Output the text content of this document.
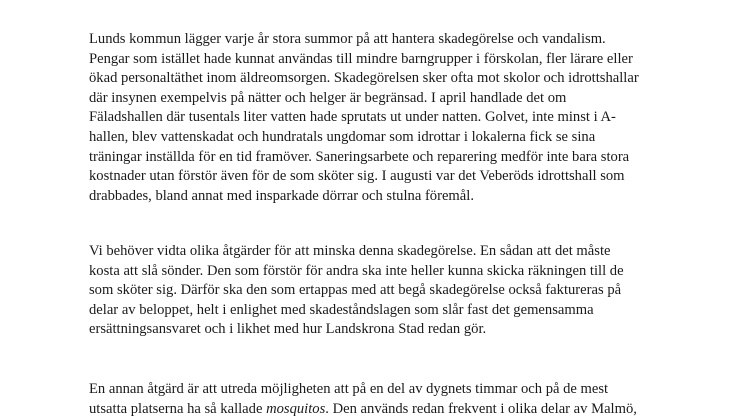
Lunds kommun lägger varje år stora summor på att hantera skadegörelse och vandalism.
Pengar som istället hade kunnat användas till mindre barngrupper i förskolan, fler lärare eller
ökad personaltäthet inom äldreomsorgen. Skadegörelsen sker ofta mot skolor och idrottshallar
där insynen exempelvis på nätter och helger är begränsad. I april handlade det om
Fäladshallen där tusentals liter vatten hade sprutats ut under natten. Golvet, inte minst i A-
hallen, blev vattenskadat och hundratals ungdomar som idrottar i lokalerna fick se sina
träningar inställda för en tid framöver. Saneringsarbete och reparering medför inte bara stora
kostnader utan förstör även för de som sköter sig. I augusti var det Veberöds idrottshall som
drabbades, bland annat med insparkade dörrar och stulna föremål.

Vi behöver vidta olika åtgärder för att minska denna skadegörelse. En sådan att det måste
kosta att slå sönder. Den som förstör för andra ska inte heller kunna skicka räkningen till de
som sköter sig. Därför ska den som ertappas med att begå skadegörelse också faktureras på
delar av beloppet, helt i enlighet med skadeståndslagen som slår fast det gemensamma
ersättningsansvaret och i likhet med hur Landskrona Stad redan gör.

En annan åtgärd är att utreda möjligheten att på en del av dygnets timmar och på de mest
utsatta platserna ha så kallade mosquitos. Den används redan frekvent i olika delar av Malmö,
